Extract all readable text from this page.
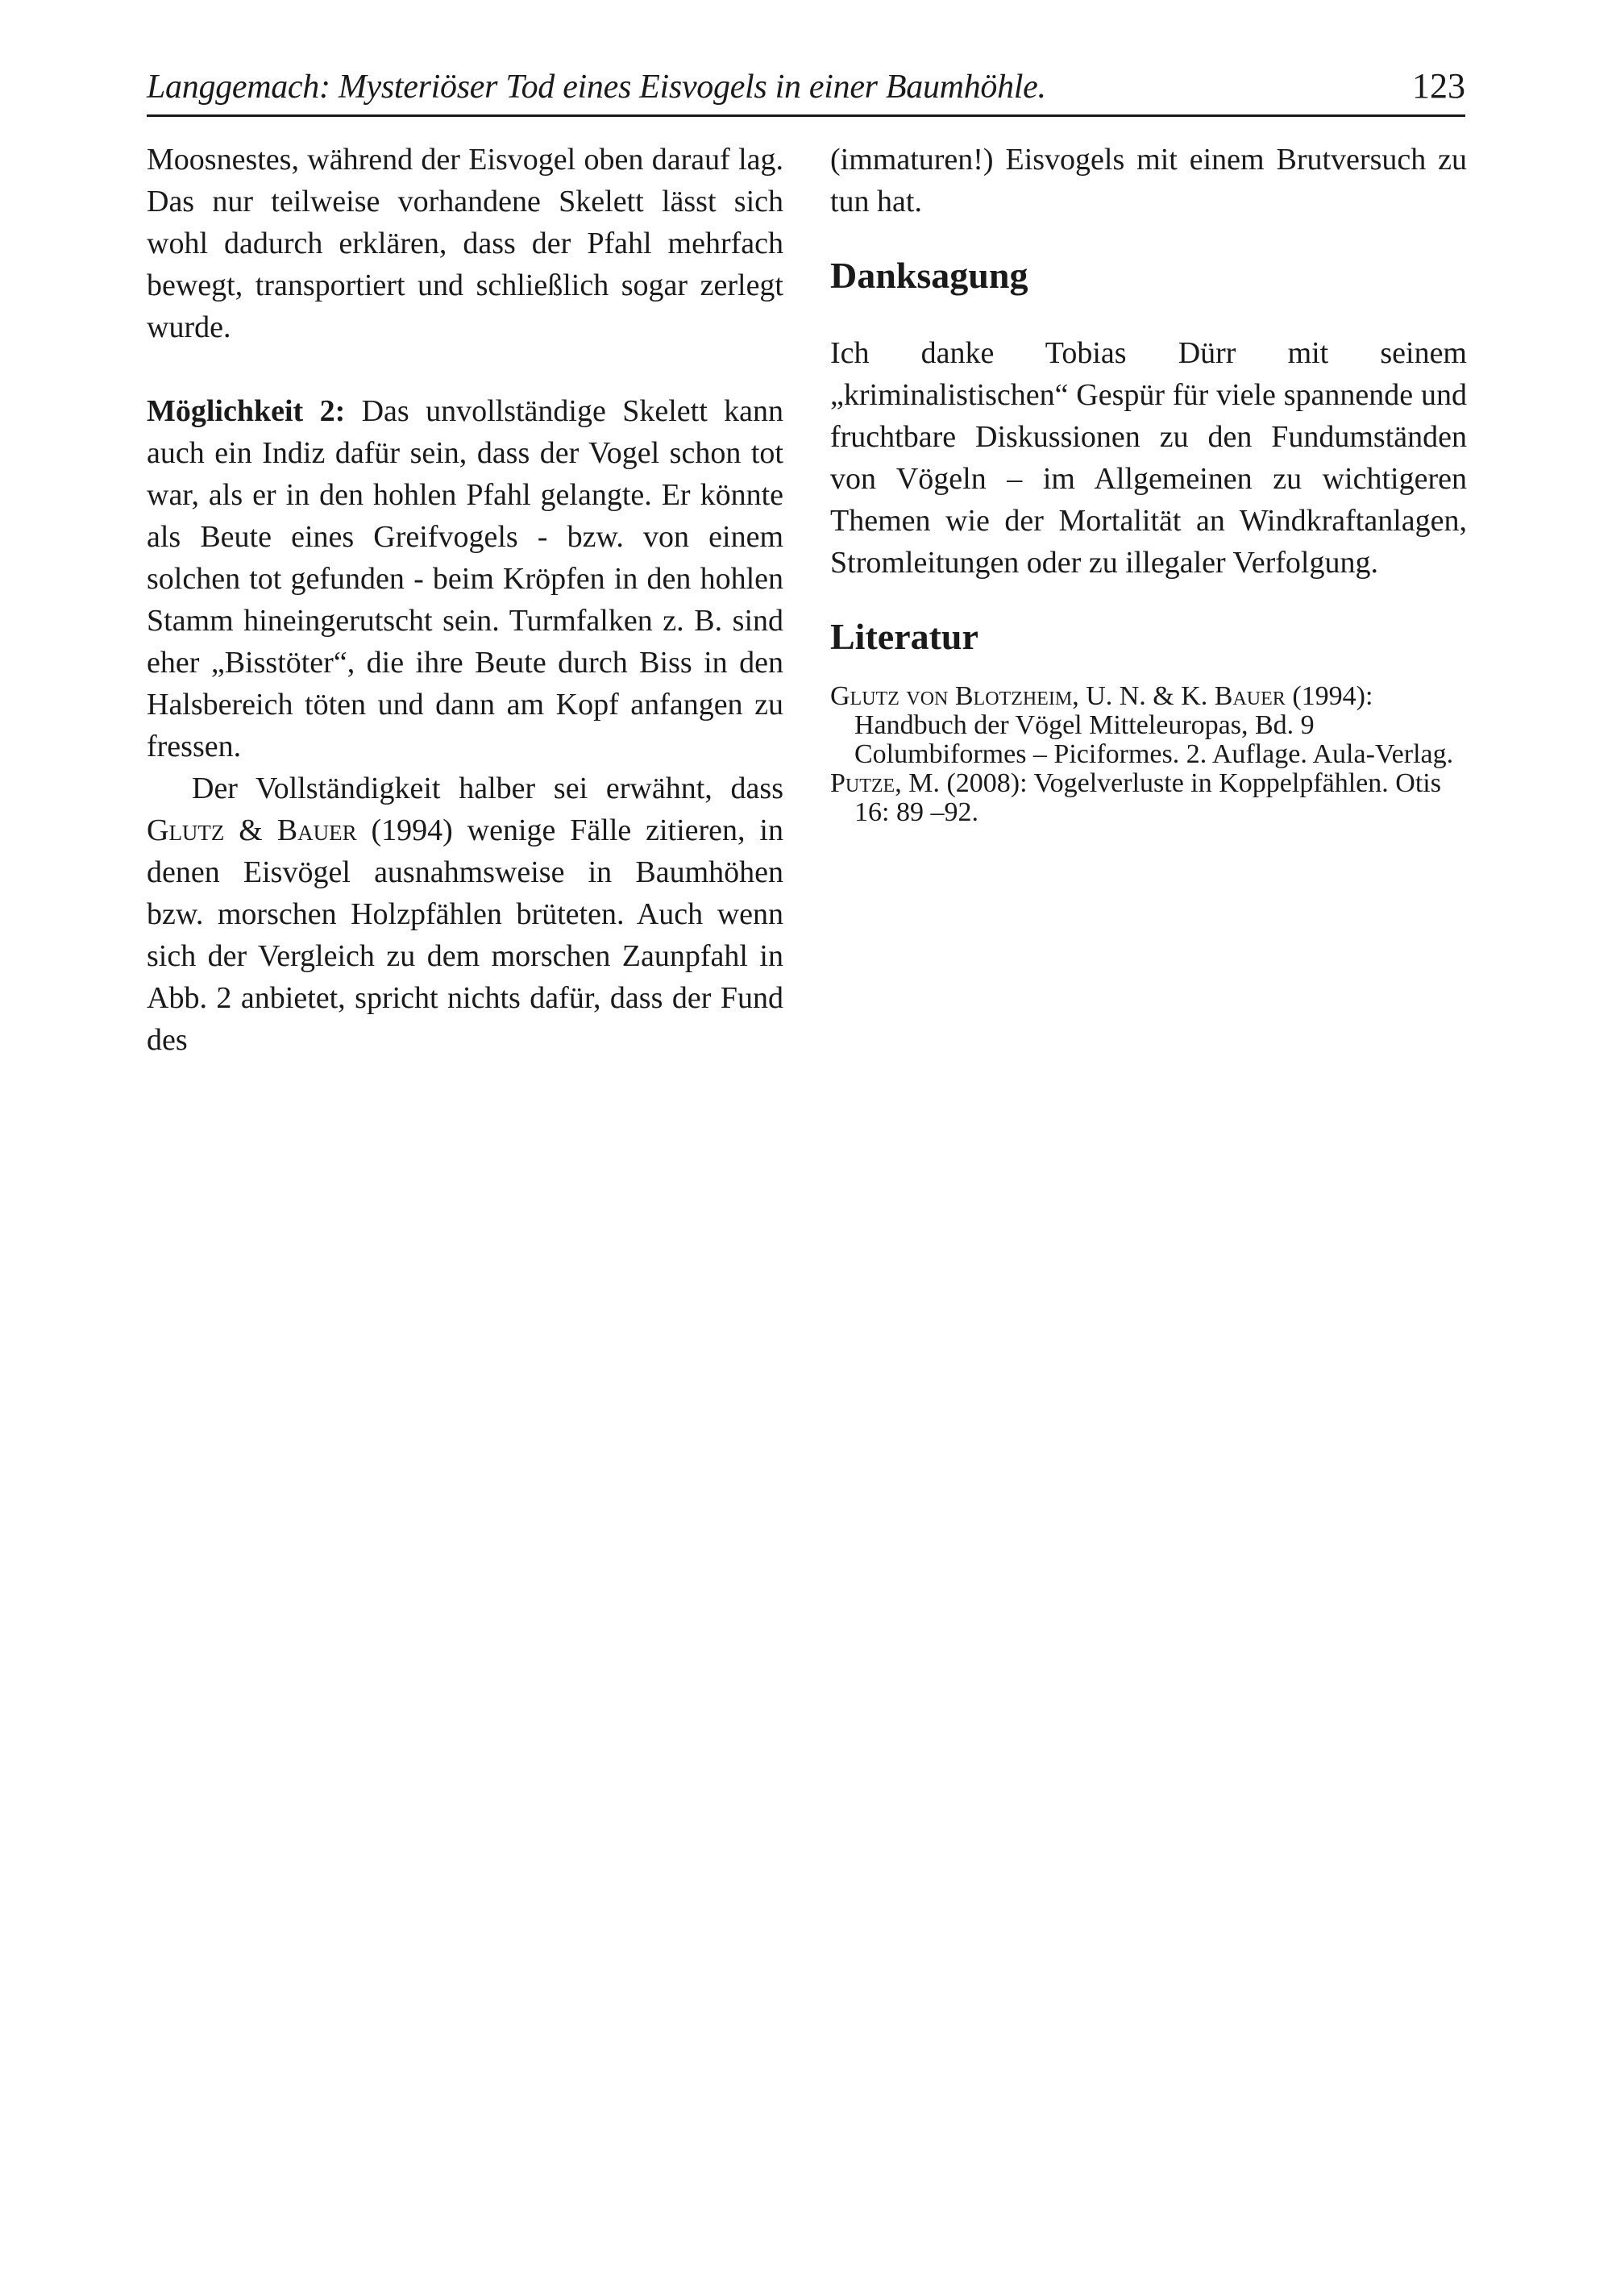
Langgemach: Mysteriöser Tod eines Eisvogels in einer Baumhöhle.	123

Moosnestes, während der Eisvogel oben darauf lag. Das nur teilweise vorhandene Skelett lässt sich wohl dadurch erklären, dass der Pfahl mehrfach bewegt, transportiert und schließlich sogar zerlegt wurde.

Möglichkeit 2: Das unvollständige Skelett kann auch ein Indiz dafür sein, dass der Vogel schon tot war, als er in den hohlen Pfahl gelangte. Er könnte als Beute eines Greifvogels - bzw. von einem solchen tot gefunden - beim Kröpfen in den hohlen Stamm hineingerutscht sein. Turmfalken z. B. sind eher „Bisstöter“, die ihre Beute durch Biss in den Halsbereich töten und dann am Kopf anfangen zu fressen.

Der Vollständigkeit halber sei erwähnt, dass Glutz & Bauer (1994) wenige Fälle zitieren, in denen Eisvögel ausnahmsweise in Baumhöhen bzw. morschen Holzpfählen brüteten. Auch wenn sich der Vergleich zu dem morschen Zaunpfahl in Abb. 2 anbietet, spricht nichts dafür, dass der Fund des

(immaturen!) Eisvogels mit einem Brutversuch zu tun hat.

Danksagung

Ich danke Tobias Dürr mit seinem „kriminalistischen“ Gespür für viele spannende und fruchtbare Diskussionen zu den Fundumständen von Vögeln – im Allgemeinen zu wichtigeren Themen wie der Mortalität an Windkraftanlagen, Stromleitungen oder zu illegaler Verfolgung.

Literatur

Glutz von Blotzheim, U. N. & K. Bauer (1994): Handbuch der Vögel Mitteleuropas, Bd. 9 Columbiformes – Piciformes. 2. Auflage. Aula-Verlag.

Putze, M. (2008): Vogelverluste in Koppelpfählen. Otis 16: 89 –92.
